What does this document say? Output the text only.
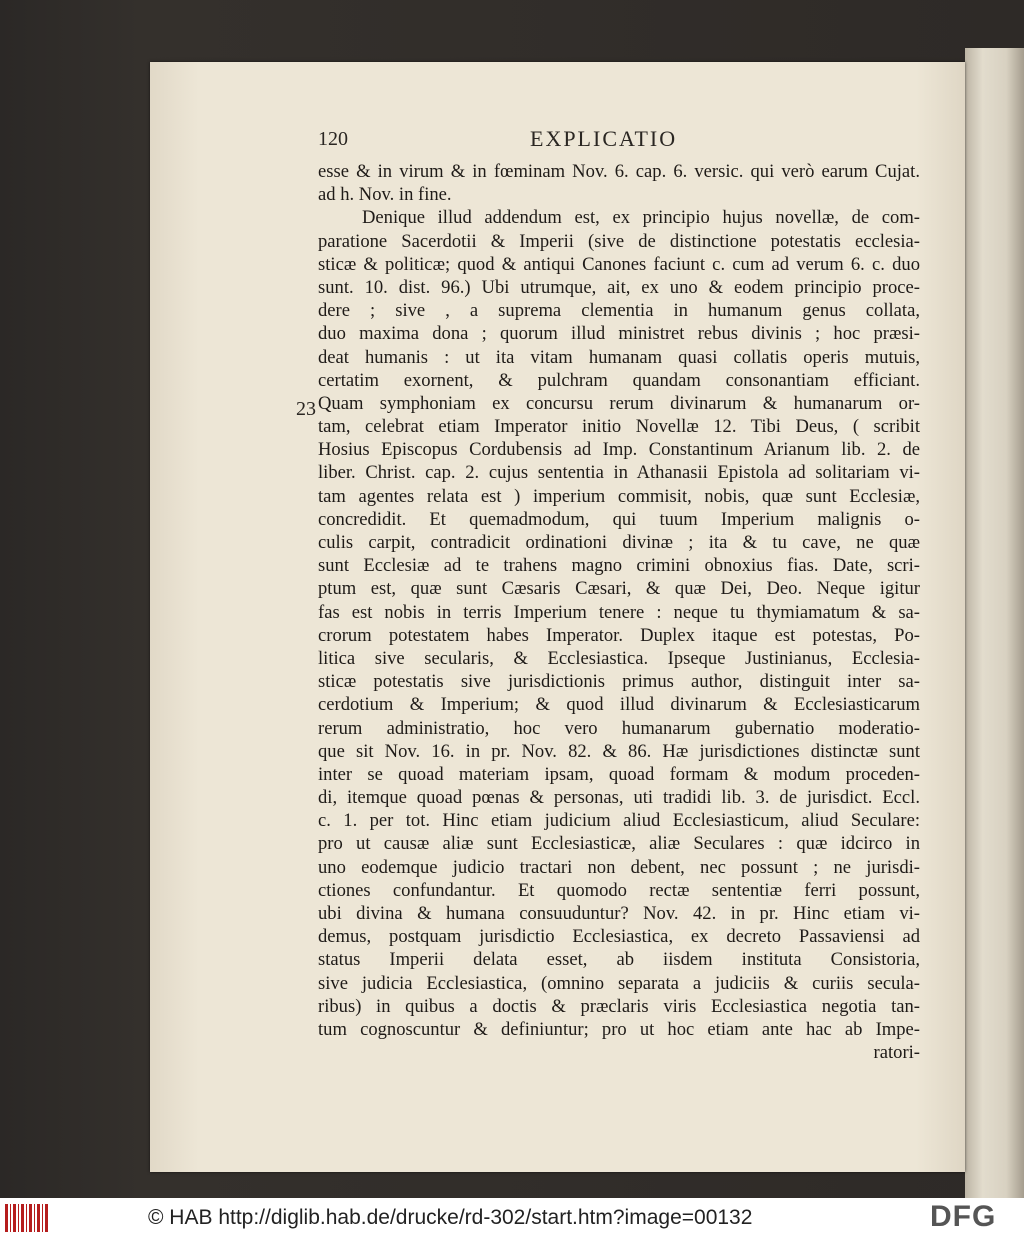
120	EXPLICATIO
23
esse & in virum & in fœminam Nov. 6. cap. 6. versic. qui verò earum Cujat.
ad h. Nov. in fine.
Denique illud addendum est, ex principio hujus novellæ, de com-
paratione Sacerdotii & Imperii (sive de distinctione potestatis ecclesia-
sticæ & politicæ; quod & antiqui Canones faciunt c. cum ad verum 6. c. duo
sunt. 10. dist. 96.) Ubi utrumque, ait, ex uno & eodem principio proce-
dere ; sive , a suprema clementia in humanum genus collata,
duo maxima dona ; quorum illud ministret rebus divinis ; hoc præsi-
deat humanis : ut ita vitam humanam quasi collatis operis mutuis,
certatim exornent, & pulchram quandam consonantiam efficiant.
Quam symphoniam ex concursu rerum divinarum & humanarum or-
tam, celebrat etiam Imperator initio Novellæ 12. Tibi Deus, ( scribit
Hosius Episcopus Cordubensis ad Imp. Constantinum Arianum lib. 2. de
liber. Christ. cap. 2. cujus sententia in Athanasii Epistola ad solitariam vi-
tam agentes relata est ) imperium commisit, nobis, quæ sunt Ecclesiæ,
concredidit. Et quemadmodum, qui tuum Imperium malignis o-
culis carpit, contradicit ordinationi divinæ ; ita & tu cave, ne quæ
sunt Ecclesiæ ad te trahens magno crimini obnoxius fias. Date, scri-
ptum est, quæ sunt Cæsaris Cæsari, & quæ Dei, Deo. Neque igitur
fas est nobis in terris Imperium tenere : neque tu thymiamatum & sa-
crorum potestatem habes Imperator. Duplex itaque est potestas, Po-
litica sive secularis, & Ecclesiastica. Ipseque Justinianus, Ecclesia-
sticæ potestatis sive jurisdictionis primus author, distinguit inter sa-
cerdotium & Imperium; & quod illud divinarum & Ecclesiasticarum
rerum administratio, hoc vero humanarum gubernatio moderatio-
que sit Nov. 16. in pr. Nov. 82. & 86. Hæ jurisdictiones distinctæ sunt
inter se quoad materiam ipsam, quoad formam & modum proceden-
di, itemque quoad pœnas & personas, uti tradidi lib. 3. de jurisdict. Eccl.
c. 1. per tot. Hinc etiam judicium aliud Ecclesiasticum, aliud Seculare:
pro ut causæ aliæ sunt Ecclesiasticæ, aliæ Seculares : quæ idcirco in
uno eodemque judicio tractari non debent, nec possunt ; ne jurisdi-
ctiones confundantur. Et quomodo rectæ sententiæ ferri possunt,
ubi divina & humana consuuduntur? Nov. 42. in pr. Hinc etiam vi-
demus, postquam jurisdictio Ecclesiastica, ex decreto Passaviensi ad
status Imperii delata esset, ab iisdem instituta Consistoria,
sive judicia Ecclesiastica, (omnino separata a judiciis & curiis secula-
ribus) in quibus a doctis & præclaris viris Ecclesiastica negotia tan-
tum cognoscuntur & definiuntur; pro ut hoc etiam ante hac ab Impe-
ratori-
© HAB http://diglib.hab.de/drucke/rd-302/start.htm?image=00132	DFG
